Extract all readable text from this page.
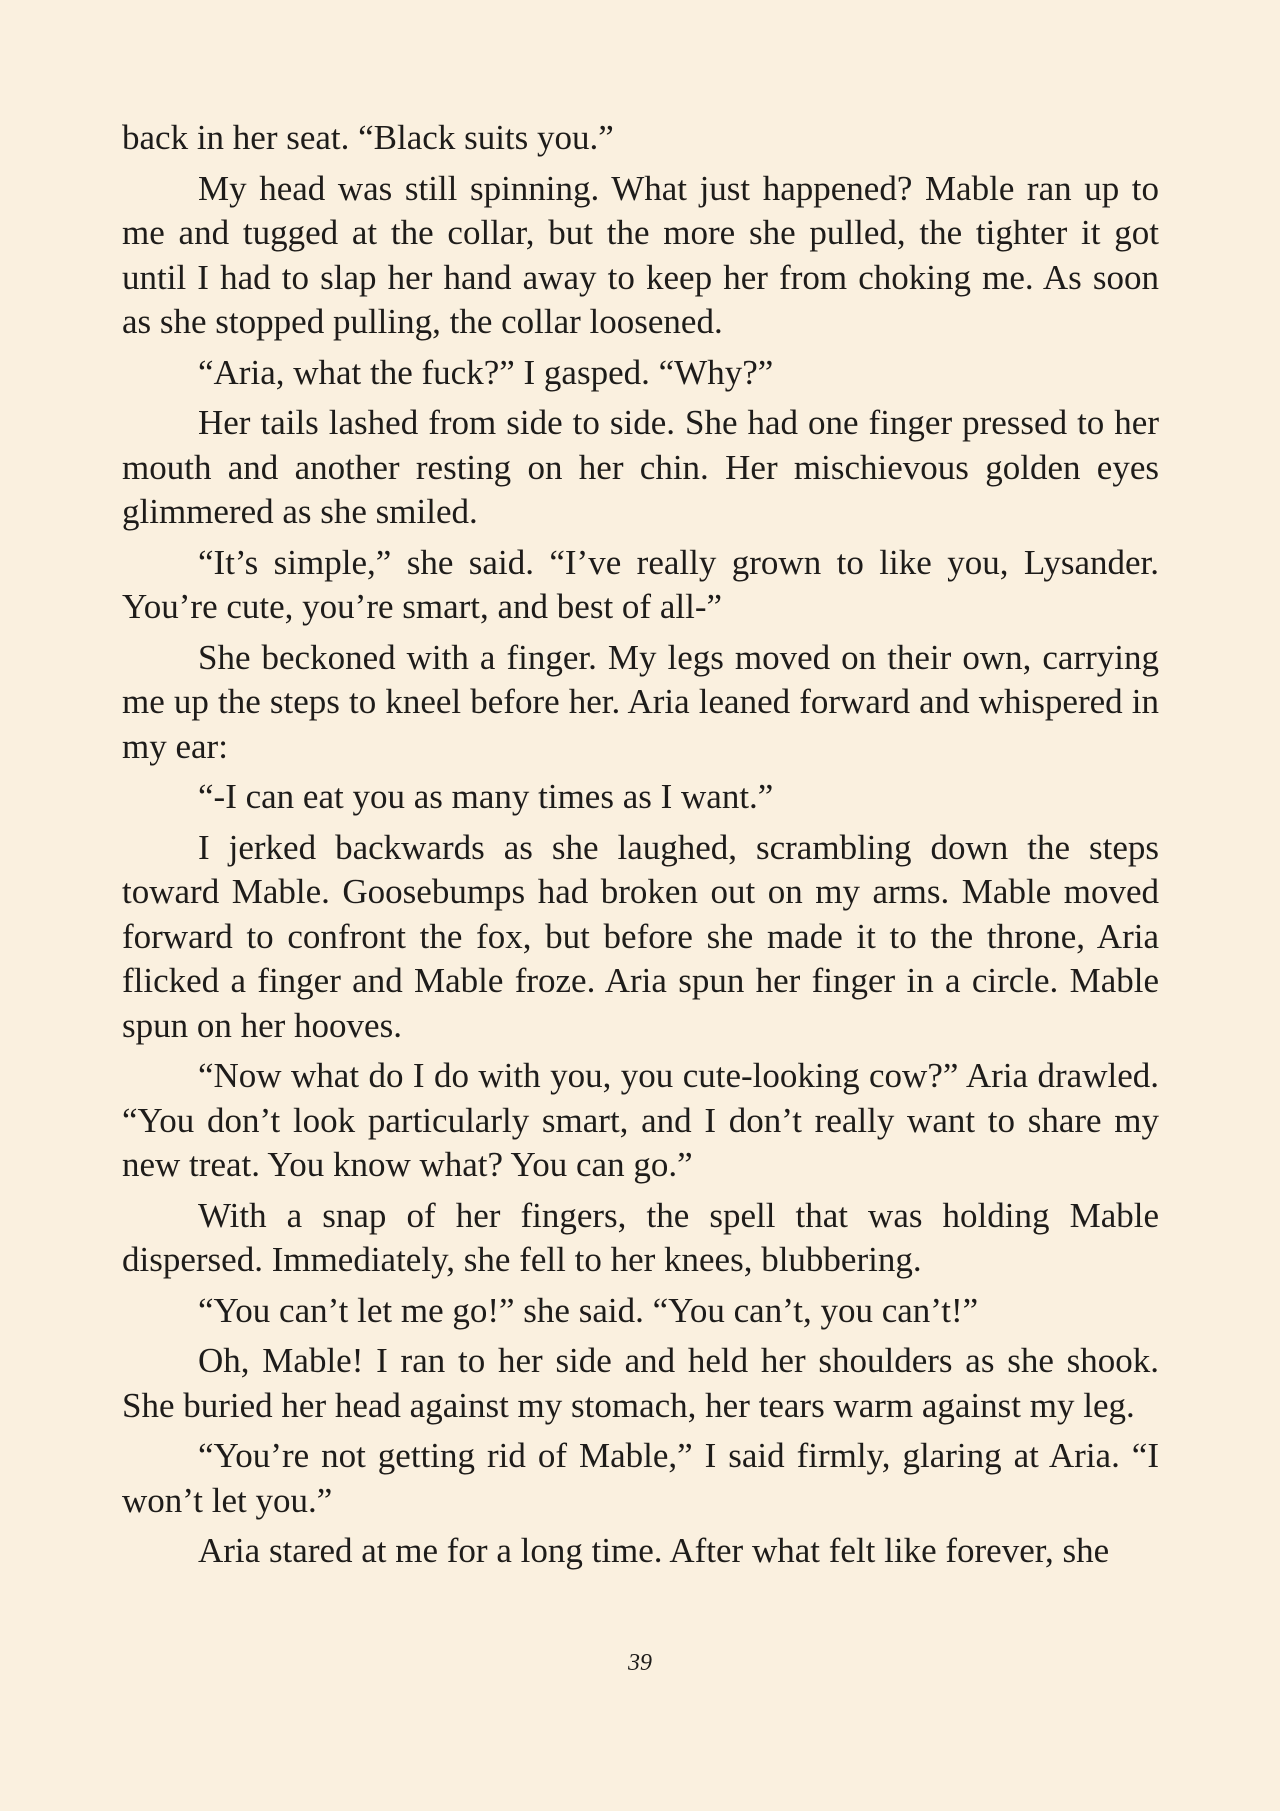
back in her seat. “Black suits you.”

My head was still spinning. What just happened? Mable ran up to me and tugged at the collar, but the more she pulled, the tighter it got until I had to slap her hand away to keep her from choking me. As soon as she stopped pulling, the collar loosened.

“Aria, what the fuck?” I gasped. “Why?”

Her tails lashed from side to side. She had one finger pressed to her mouth and another resting on her chin. Her mischievous golden eyes glimmered as she smiled.

“It’s simple,” she said. “I’ve really grown to like you, Lysander. You’re cute, you’re smart, and best of all-”

She beckoned with a finger. My legs moved on their own, carrying me up the steps to kneel before her. Aria leaned forward and whispered in my ear:

“-I can eat you as many times as I want.”

I jerked backwards as she laughed, scrambling down the steps toward Mable. Goosebumps had broken out on my arms. Mable moved forward to confront the fox, but before she made it to the throne, Aria flicked a finger and Mable froze. Aria spun her finger in a circle. Mable spun on her hooves.

“Now what do I do with you, you cute-looking cow?” Aria drawled. “You don’t look particularly smart, and I don’t really want to share my new treat. You know what? You can go.”

With a snap of her fingers, the spell that was holding Mable dispersed. Immediately, she fell to her knees, blubbering.

“You can’t let me go!” she said. “You can’t, you can’t!”

Oh, Mable! I ran to her side and held her shoulders as she shook. She buried her head against my stomach, her tears warm against my leg.

“You’re not getting rid of Mable,” I said firmly, glaring at Aria. “I won’t let you.”

Aria stared at me for a long time. After what felt like forever, she

39
